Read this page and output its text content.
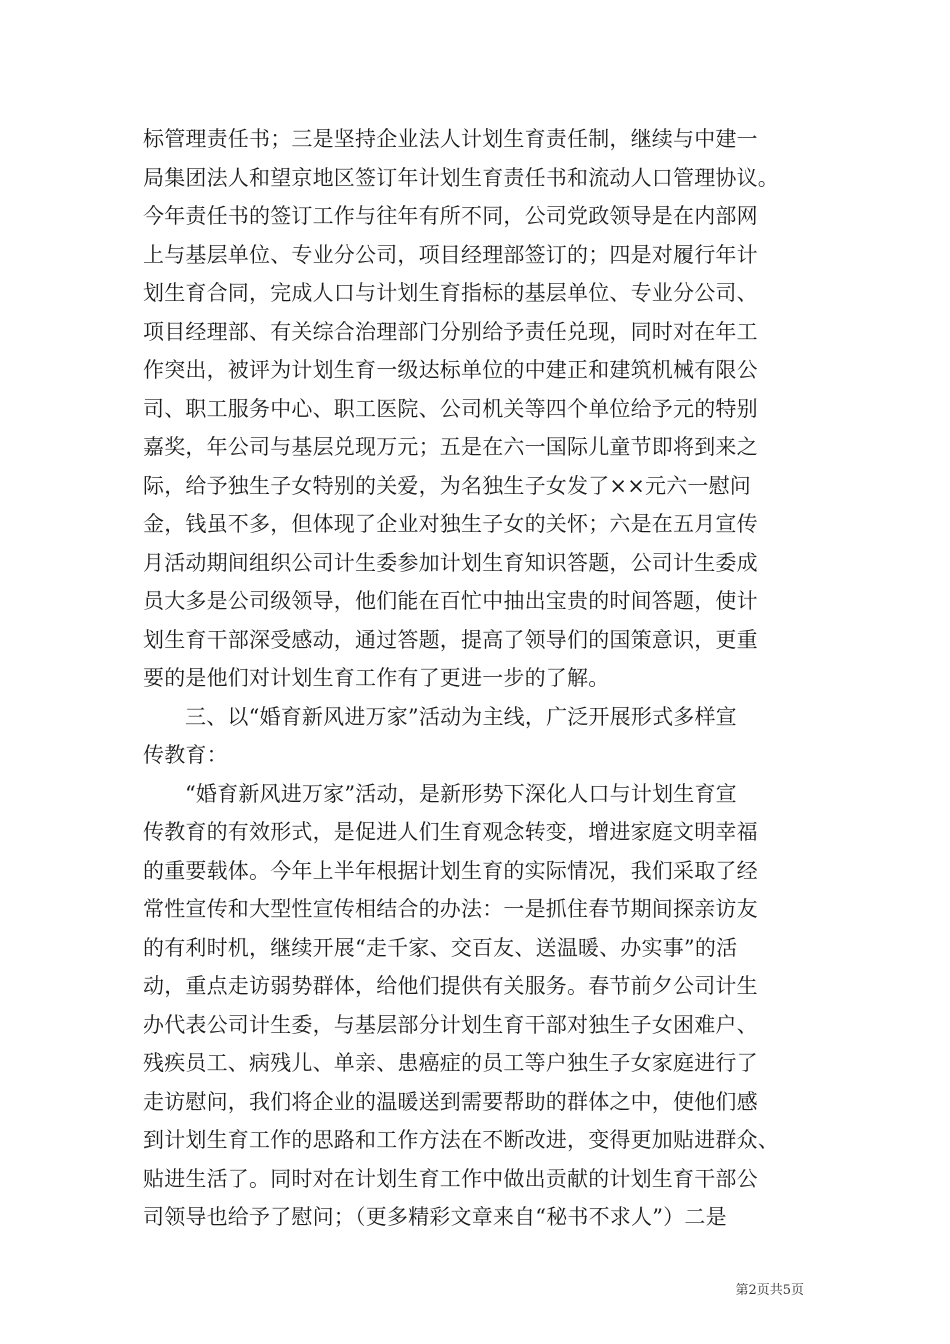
标管理责任书；三是坚持企业法人计划生育责任制，继续与中建一
局集团法人和望京地区签订年计划生育责任书和流动人口管理协议。
今年责任书的签订工作与往年有所不同，公司党政领导是在内部网
上与基层单位、专业分公司，项目经理部签订的；四是对履行年计
划生育合同，完成人口与计划生育指标的基层单位、专业分公司、
项目经理部、有关综合治理部门分别给予责任兑现，同时对在年工
作突出，被评为计划生育一级达标单位的中建正和建筑机械有限公
司、职工服务中心、职工医院、公司机关等四个单位给予元的特别
嘉奖，年公司与基层兑现万元；五是在六一国际儿童节即将到来之
际，给予独生子女特别的关爱，为名独生子女发了××元六一慰问
金，钱虽不多，但体现了企业对独生子女的关怀；六是在五月宣传
月活动期间组织公司计生委参加计划生育知识答题，公司计生委成
员大多是公司级领导，他们能在百忙中抽出宝贵的时间答题，使计
划生育干部深受感动，通过答题，提高了领导们的国策意识，更重
要的是他们对计划生育工作有了更进一步的了解。
三、以“婚育新风进万家”活动为主线，广泛开展形式多样宣
传教育：
“婚育新风进万家”活动，是新形势下深化人口与计划生育宣
传教育的有效形式，是促进人们生育观念转变，增进家庭文明幸福
的重要载体。今年上半年根据计划生育的实际情况，我们采取了经
常性宣传和大型性宣传相结合的办法：一是抓住春节期间探亲访友
的有利时机，继续开展“走千家、交百友、送温暖、办实事”的活
动，重点走访弱势群体，给他们提供有关服务。春节前夕公司计生
办代表公司计生委，与基层部分计划生育干部对独生子女困难户、
残疾员工、病残儿、单亲、患癌症的员工等户独生子女家庭进行了
走访慰问，我们将企业的温暖送到需要帮助的群体之中，使他们感
到计划生育工作的思路和工作方法在不断改进，变得更加贴进群众、
贴进生活了。同时对在计划生育工作中做出贡献的计划生育干部公
司领导也给予了慰问；（更多精彩文章来自“秘书不求人”）二是
第2页共5页
